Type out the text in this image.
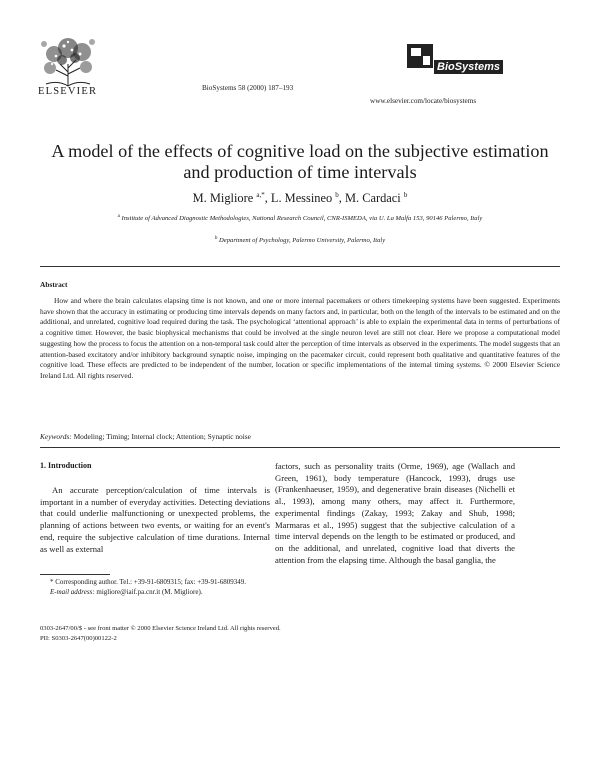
ELSEVIER	BioSystems 58 (2000) 187–193
BioSystems
www.elsevier.com/locate/biosystems
A model of the effects of cognitive load on the subjective estimation and production of time intervals
M. Migliore $^{a,*}$, L. Messineo $^b$, M. Cardaci $^b$
$^a$ Institute of Advanced Diagnostic Methodologies, National Research Council, CNR-ISMEDA, via U. La Malfa 153, 90146 Palermo, Italy
$^b$ Department of Psychology, Palermo University, Palermo, Italy
Abstract
How and where the brain calculates elapsing time is not known, and one or more internal pacemakers or others timekeeping systems have been suggested. Experiments have shown that the accuracy in estimating or producing time intervals depends on many factors and, in particular, both on the length of the intervals to be estimated and on the additional, and unrelated, cognitive load required during the task. The psychological ‘attentional approach’ is able to explain the experimental data in terms of perturbations of a cognitive timer. However, the basic biophysical mechanisms that could be involved at the single neuron level are still not clear. Here we propose a computational model suggesting how the process to focus the attention on a non-temporal task could alter the perception of time intervals as observed in the experiments. The model suggests that an attention-based excitatory and/or inhibitory background synaptic noise, impinging on the pacemaker circuit, could represent both qualitative and quantitative features of the cognitive load. These effects are predicted to be independent of the number, location or specific implementations of the internal timing systems. © 2000 Elsevier Science Ireland Ltd. All rights reserved.
Keywords: Modeling; Timing; Internal clock; Attention; Synaptic noise
1. Introduction
An accurate perception/calculation of time intervals is important in a number of everyday activities. Detecting deviations that could underlie malfunctioning or unexpected problems, the planning of actions between two events, or waiting for an event's end, require the subjective calculation of time durations. Internal as well as external
factors, such as personality traits (Orme, 1969), age (Wallach and Green, 1961), body temperature (Hancock, 1993), drugs use (Frankenhaeuser, 1959), and degenerative brain diseases (Nichelli et al., 1993), among many others, may affect it. Furthermore, experimental findings (Zakay, 1993; Zakay and Shub, 1998; Marmaras et al., 1995) suggest that the subjective calculation of a time interval depends on the length to be estimated or produced, and on the additional, and unrelated, cognitive load that diverts the attention from the elapsing time. Although the basal ganglia, the
* Corresponding author. Tel.: +39-91-6809315; fax: +39-91-6809349.
E-mail address: migliore@iaif.pa.cnr.it (M. Migliore).
0303-2647/00/$ - see front matter © 2000 Elsevier Science Ireland Ltd. All rights reserved.
PII: S0303-2647(00)00122-2
